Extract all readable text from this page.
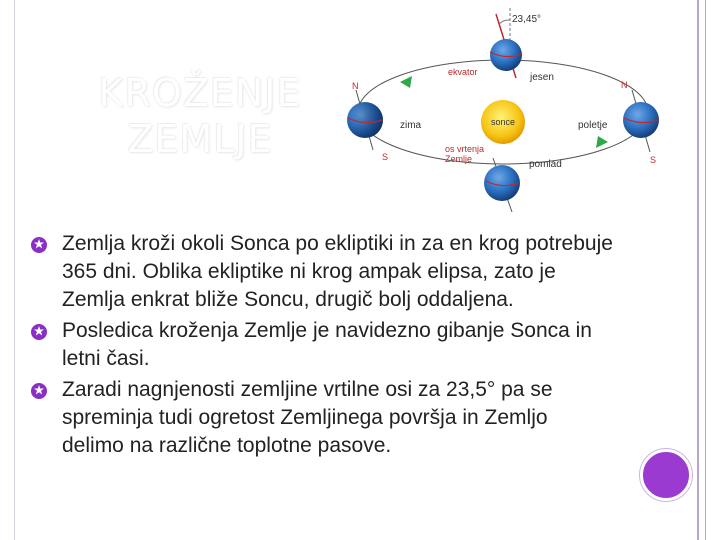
KROŽENJE
ZEMLJE
23,45°
ekvator	jesen
N
S
zima	sonce
os vrtenja
Zemlje
N
S
poletje
pomlad
Zemlja kroži okoli Sonca po ekliptiki in za en krog potrebuje
365 dni. Oblika ekliptike ni krog ampak elipsa, zato je
Zemlja enkrat bliže Soncu, drugič bolj oddaljena.
Posledica kroženja Zemlje je navidezno gibanje Sonca in
letni časi.
Zaradi nagnjenosti zemljine vrtilne osi za 23,5° pa se
spreminja tudi ogretost Zemljinega površja in Zemljo
delimo na različne toplotne pasove.
